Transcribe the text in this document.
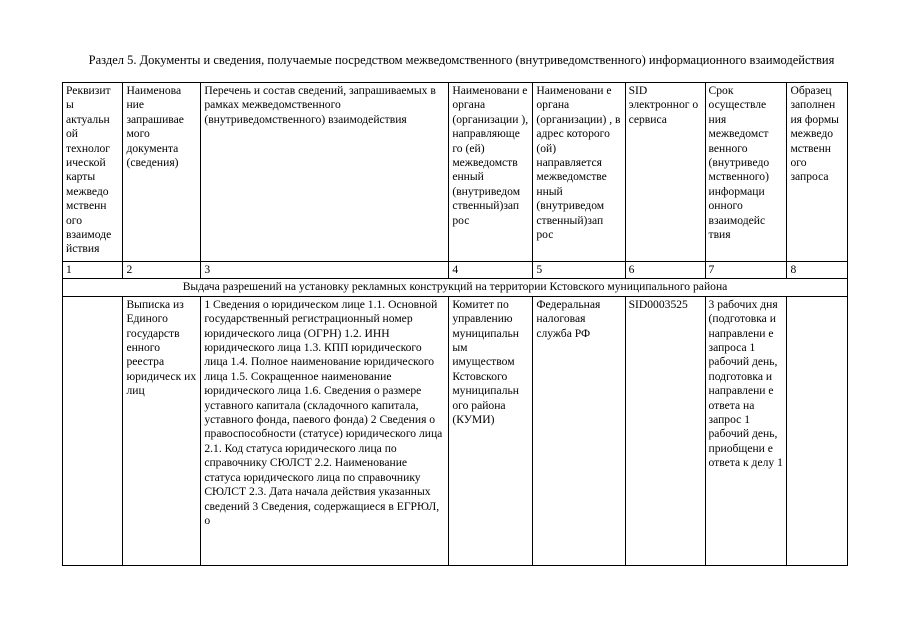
Раздел 5. Документы и сведения, получаемые посредством межведомственного (внутриведомственного) информационного взаимодействия
Реквизит ы актуальн ой технолог ической карты межведо мственн ого взаимоде йствия	Наименова ние запрашивае мого документа (сведения)	Перечень и состав сведений, запрашиваемых в рамках межведомственного (внутриведомственного) взаимодействия	Наименовани е органа (организации ), направляюще го (ей) межведомств енный (внутриведом ственный)зап рос	Наименовани е органа (организации) , в адрес которого (ой) направляется межведомстве нный (внутриведом ственный)зап рос	SID электронног о сервиса	Срок осуществле ния межведомст венного (внутриведо мственного) информаци онного взаимодейс твия	Образец заполнен ия формы межведо мственн ого запроса
1	2	3	4	5	6	7	8
Выдача разрешений на установку рекламных конструкций на территории Кстовского муниципального района							
	Выписка из Единого государств енного реестра юридическ их лиц	1 Сведения о юридическом лице 1.1. Основной государственный регистрационный номер юридического лица (ОГРН) 1.2. ИНН юридического лица 1.3. КПП юридического лица 1.4. Полное наименование юридического лица 1.5. Сокращенное наименование юридического лица 1.6. Сведения о размере уставного капитала (складочного капитала, уставного фонда, паевого фонда) 2 Сведения о правоспособности (статусе) юридического лица 2.1. Код статуса юридического лица по справочнику СЮЛСТ 2.2. Наименование статуса юридического лица по справочнику СЮЛСТ 2.3. Дата начала действия указанных сведений 3 Сведения, содержащиеся в ЕГРЮЛ, о	Комитет по управлению муниципальн ым имуществом Кстовского муниципальн ого района (КУМИ)	Федеральная налоговая служба РФ	SID0003525	3 рабочих дня (подготовка и направлени е запроса 1 рабочий день, подготовка и направлени е ответа на запрос 1 рабочий день, приобщени е ответа к делу 1	
